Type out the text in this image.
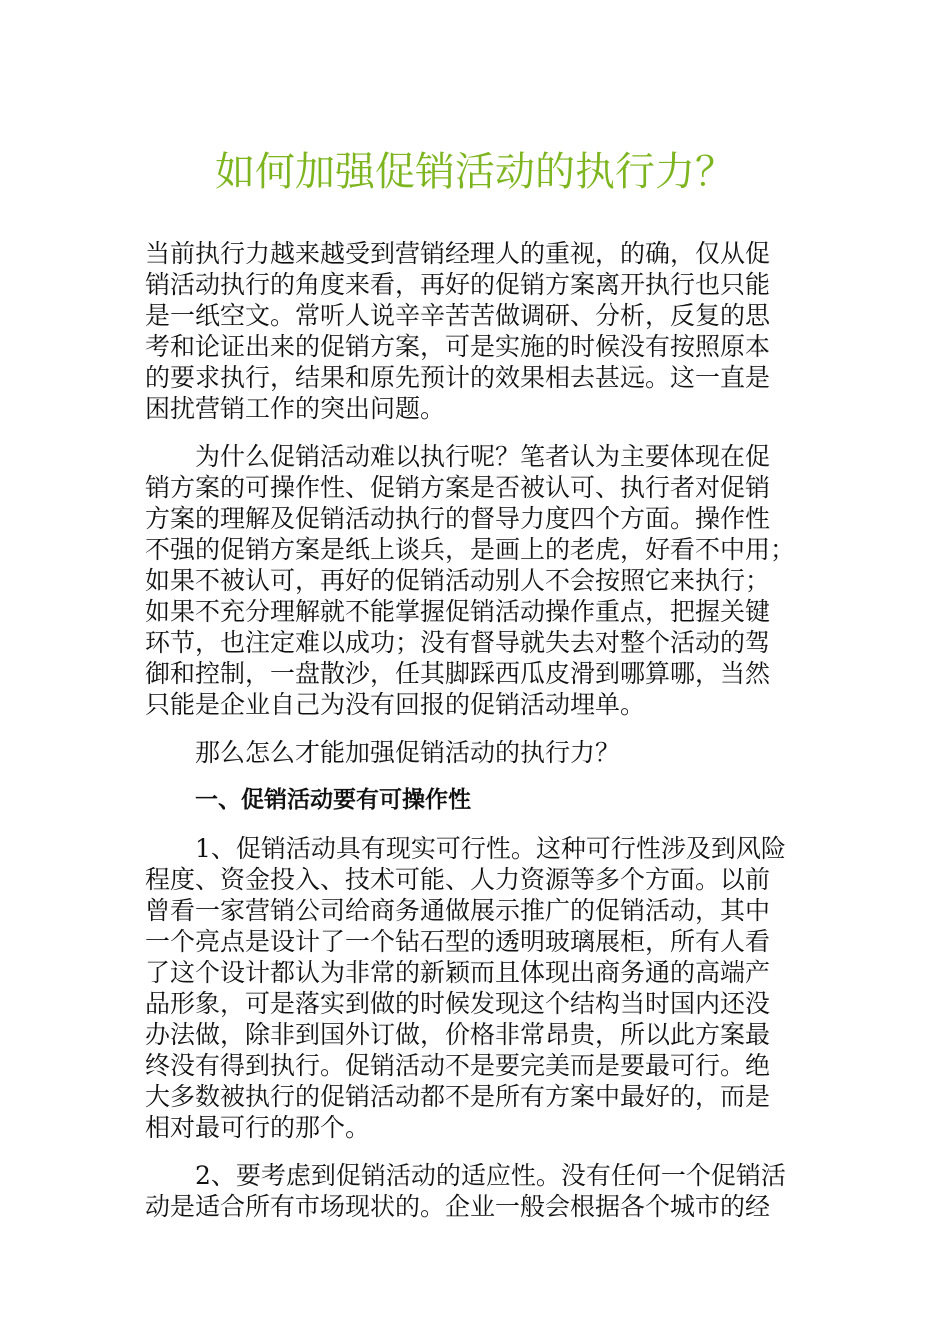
如何加强促销活动的执行力？
当前执行力越来越受到营销经理人的重视，的确，仅从促
销活动执行的角度来看，再好的促销方案离开执行也只能
是一纸空文。常听人说辛辛苦苦做调研、分析，反复的思
考和论证出来的促销方案，可是实施的时候没有按照原本
的要求执行，结果和原先预计的效果相去甚远。这一直是
困扰营销工作的突出问题。
为什么促销活动难以执行呢？笔者认为主要体现在促
销方案的可操作性、促销方案是否被认可、执行者对促销
方案的理解及促销活动执行的督导力度四个方面。操作性
不强的促销方案是纸上谈兵，是画上的老虎，好看不中用；
如果不被认可，再好的促销活动别人不会按照它来执行；
如果不充分理解就不能掌握促销活动操作重点，把握关键
环节，也注定难以成功；没有督导就失去对整个活动的驾
御和控制，一盘散沙，任其脚踩西瓜皮滑到哪算哪，当然
只能是企业自己为没有回报的促销活动埋单。
那么怎么才能加强促销活动的执行力？
一、促销活动要有可操作性
1、促销活动具有现实可行性。这种可行性涉及到风险
程度、资金投入、技术可能、人力资源等多个方面。以前
曾看一家营销公司给商务通做展示推广的促销活动，其中
一个亮点是设计了一个钻石型的透明玻璃展柜，所有人看
了这个设计都认为非常的新颖而且体现出商务通的高端产
品形象，可是落实到做的时候发现这个结构当时国内还没
办法做，除非到国外订做，价格非常昂贵，所以此方案最
终没有得到执行。促销活动不是要完美而是要最可行。绝
大多数被执行的促销活动都不是所有方案中最好的，而是
相对最可行的那个。
2、要考虑到促销活动的适应性。没有任何一个促销活
动是适合所有市场现状的。企业一般会根据各个城市的经
